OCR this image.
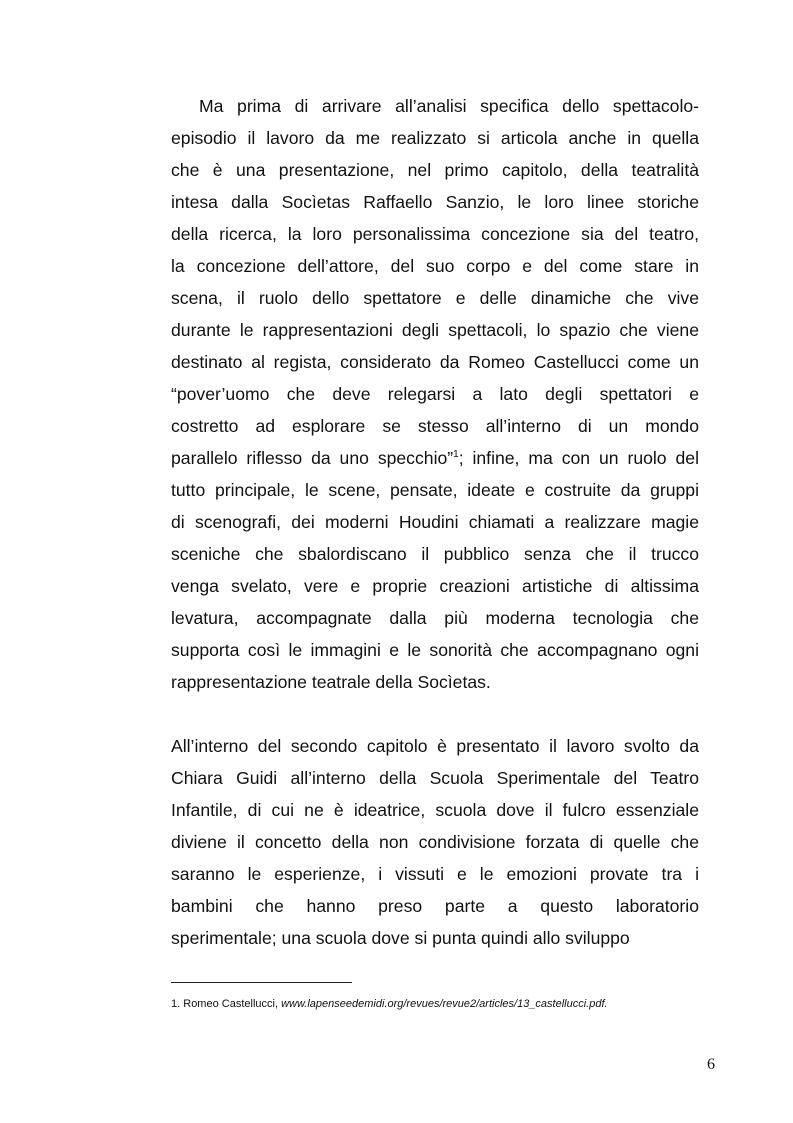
Ma prima di arrivare all’analisi specifica dello spettacolo-
episodio il lavoro da me realizzato si articola anche in quella
che è una presentazione, nel primo capitolo, della teatralità
intesa dalla Socìetas Raffaello Sanzio, le loro linee storiche
della ricerca, la loro personalissima concezione sia del teatro,
la concezione dell’attore, del suo corpo e del come stare in
scena, il ruolo dello spettatore e delle dinamiche che vive
durante le rappresentazioni degli spettacoli, lo spazio che viene
destinato al regista, considerato da Romeo Castellucci come un
“pover’uomo che deve relegarsi a lato degli spettatori e
costretto ad esplorare se stesso all’interno di un mondo
parallelo riflesso da uno specchio”$^1$; infine, ma con un ruolo del
tutto principale, le scene, pensate, ideate e costruite da gruppi
di scenografi, dei moderni Houdini chiamati a realizzare magie
sceniche che sbalordiscano il pubblico senza che il trucco
venga svelato, vere e proprie creazioni artistiche di altissima
levatura, accompagnate dalla più moderna tecnologia che
supporta così le immagini e le sonorità che accompagnano ogni
rappresentazione teatrale della Socìetas.
All’interno del secondo capitolo è presentato il lavoro svolto da
Chiara Guidi all’interno della Scuola Sperimentale del Teatro
Infantile, di cui ne è ideatrice, scuola dove il fulcro essenziale
diviene il concetto della non condivisione forzata di quelle che
saranno le esperienze, i vissuti e le emozioni provate tra i
bambini che hanno preso parte a questo laboratorio
sperimentale; una scuola dove si punta quindi allo sviluppo
1. Romeo Castellucci, www.lapenseedemidi.org/revues/revue2/articles/13_castellucci.pdf.
6
